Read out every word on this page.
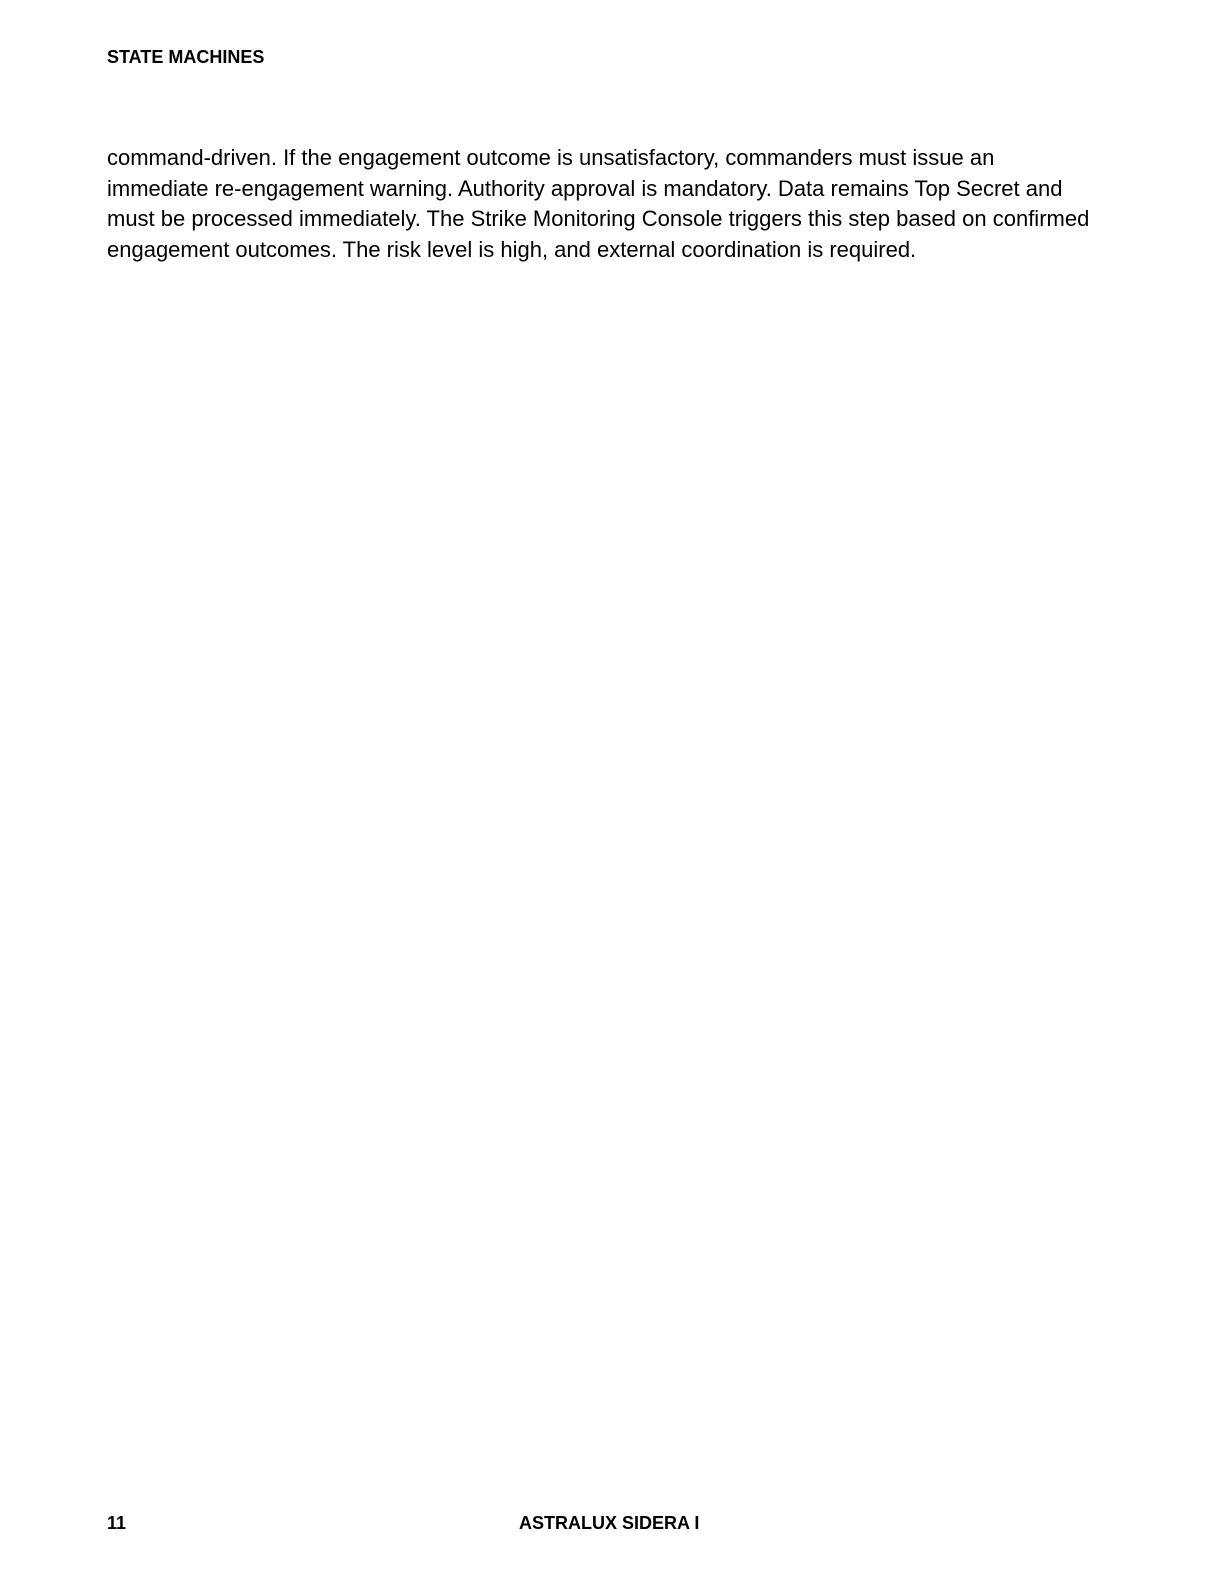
STATE MACHINES

command-driven. If the engagement outcome is unsatisfactory, commanders must issue an immediate re-engagement warning. Authority approval is mandatory. Data remains Top Secret and must be processed immediately. The Strike Monitoring Console triggers this step based on confirmed engagement outcomes. The risk level is high, and external coordination is required.

11	ASTRALUX SIDERA I
